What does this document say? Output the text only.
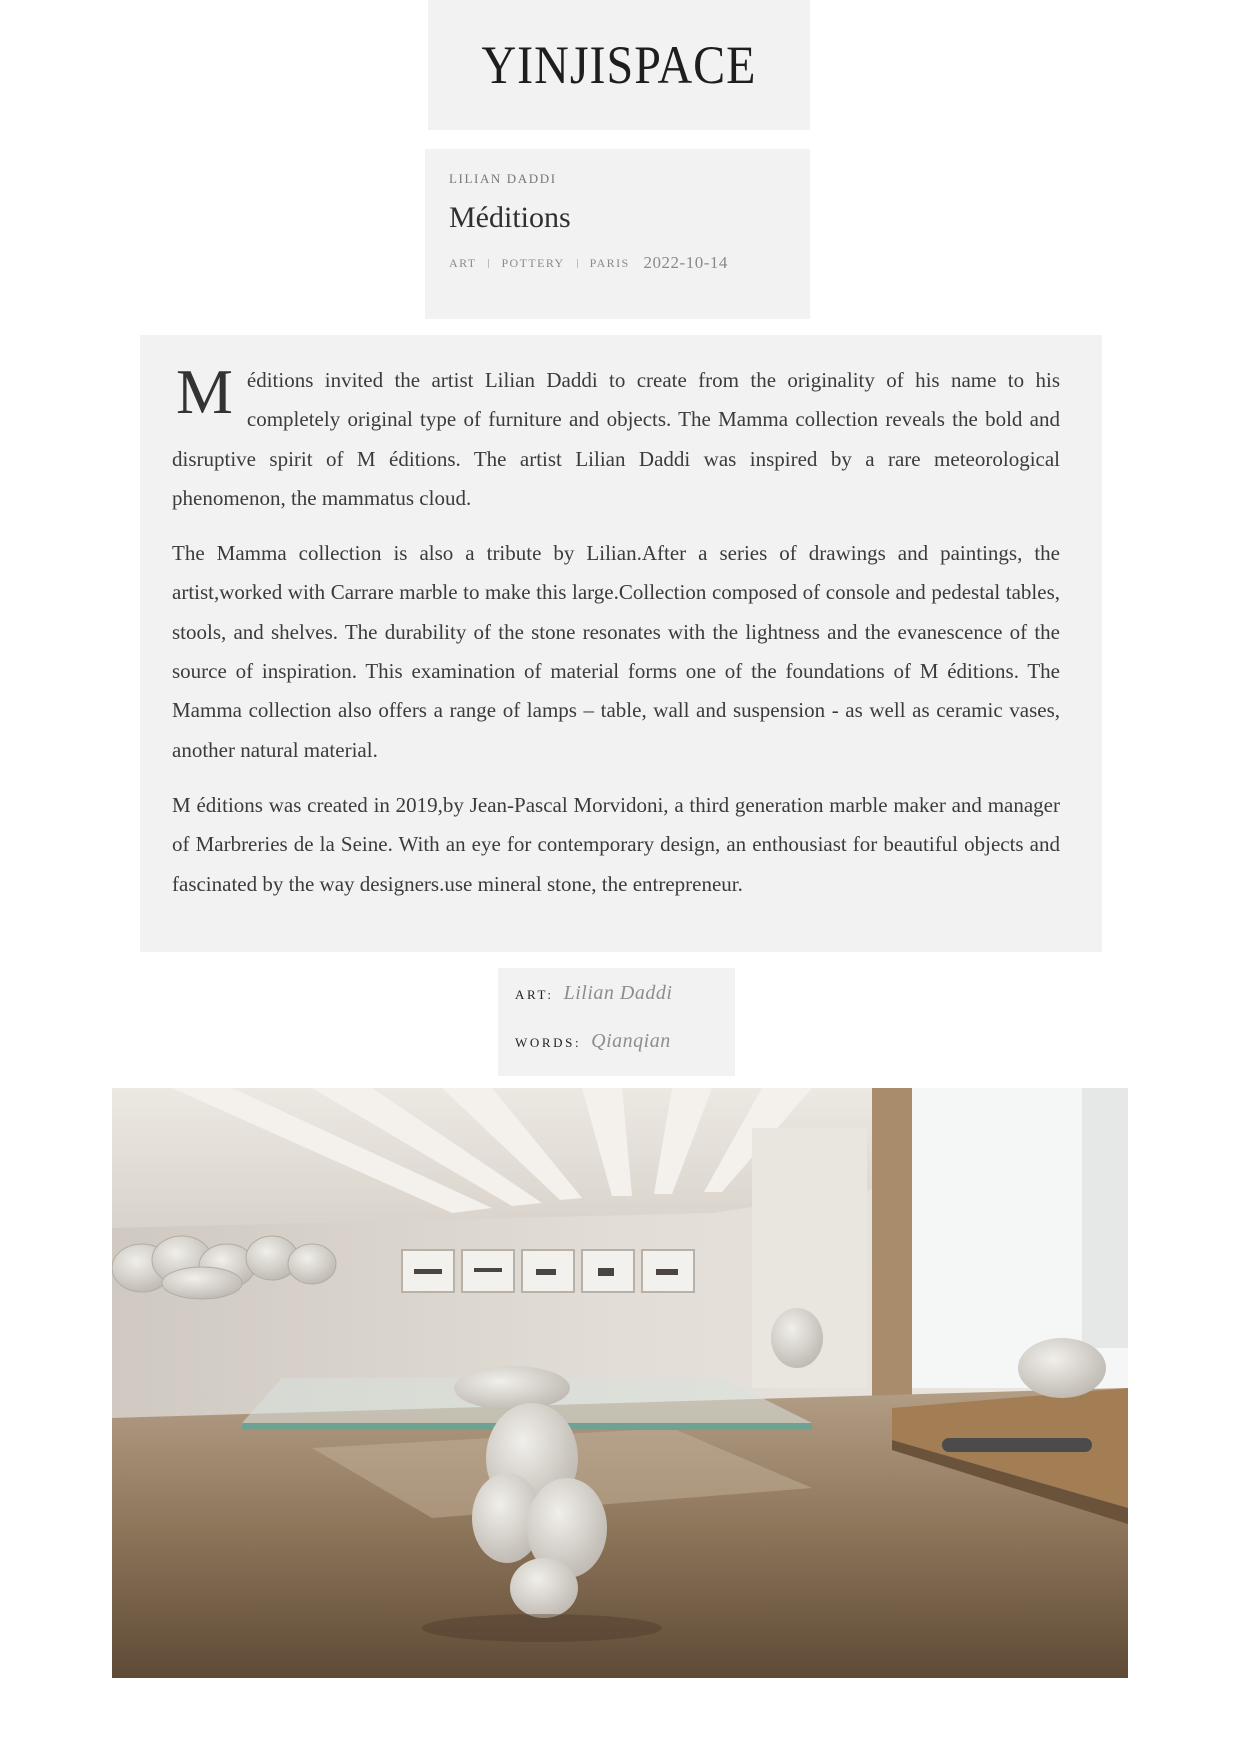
YINJISPACE
LILIAN DADDI
Méditions
ART POTTERY PARIS 2022-10-14

Méditions invited the artist Lilian Daddi to create from the originality of his name to his completely original type of furniture and objects. The Mamma collection reveals the bold and disruptive spirit of M éditions. The artist Lilian Daddi was inspired by a rare meteorological phenomenon, the mammatus cloud.

The Mamma collection is also a tribute by Lilian.After a series of drawings and paintings, the artist,worked with Carrare marble to make this large.Collection composed of console and pedestal tables, stools, and shelves. The durability of the stone resonates with the lightness and the evanescence of the source of inspiration. This examination of material forms one of the foundations of M éditions. The Mamma collection also offers a range of lamps – table, wall and suspension - as well as ceramic vases, another natural material.

M éditions was created in 2019,by Jean-Pascal Morvidoni, a third generation marble maker and manager of Marbreries de la Seine. With an eye for contemporary design, an enthousiast for beautiful objects and fascinated by the way designers.use mineral stone, the entrepreneur.

ART: Lilian Daddi
WORDS: Qianqian
